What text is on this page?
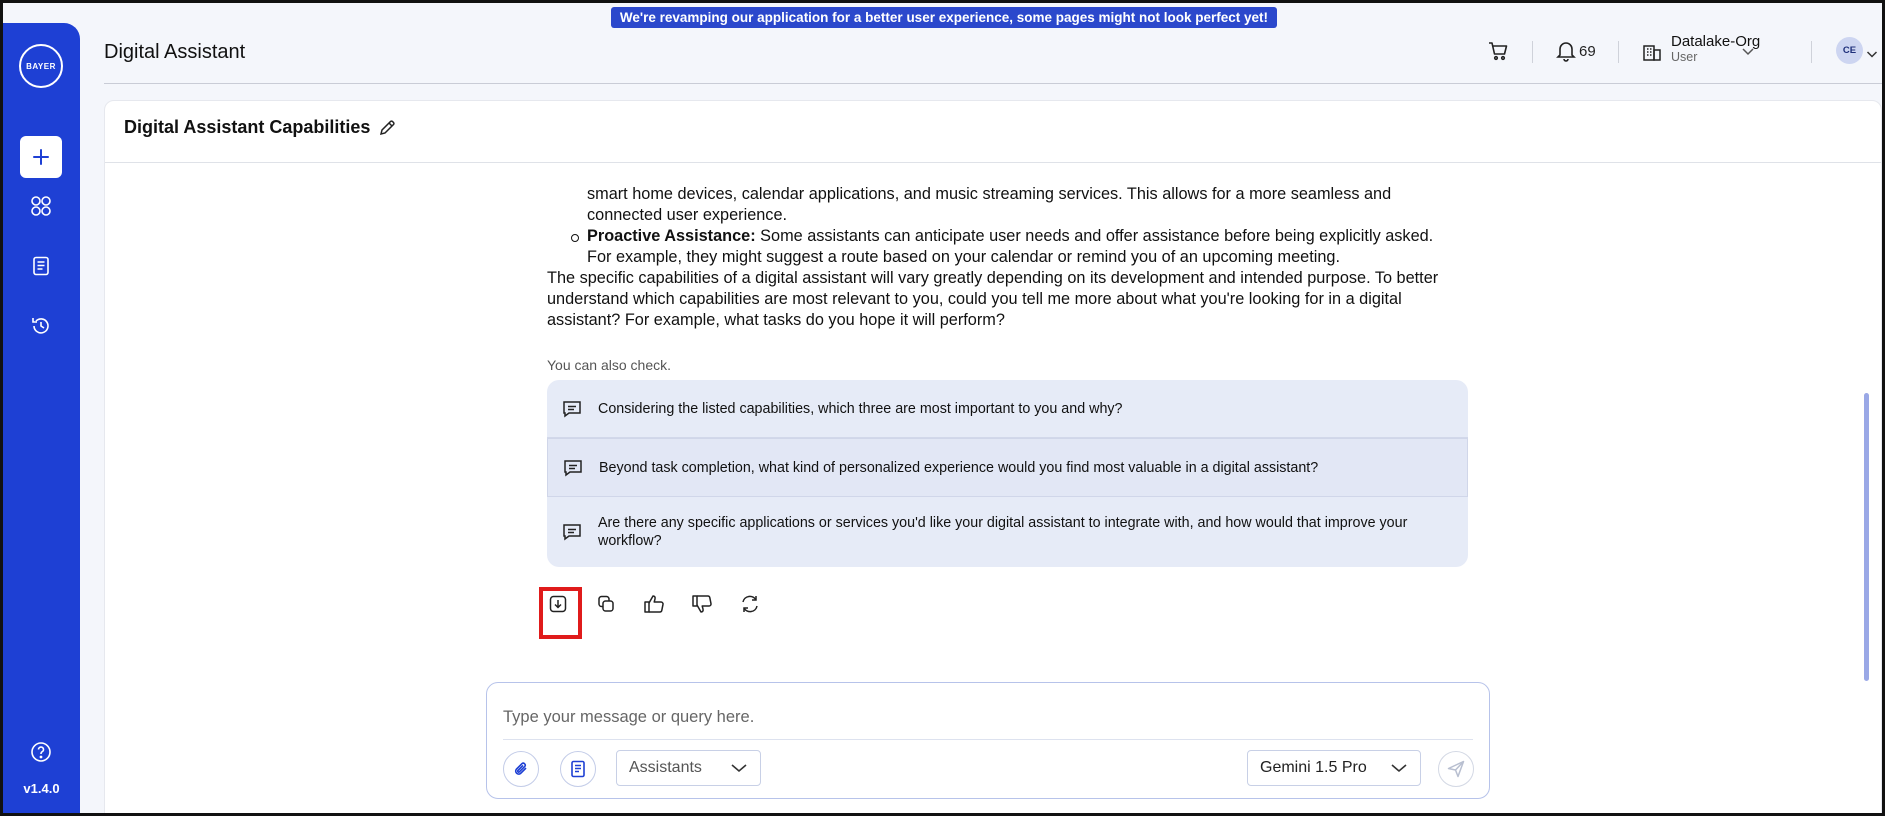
We're revamping our application for a better user experience, some pages might not look perfect yet!
BAYER
v1.4.0
Digital Assistant	69
Datalake-Org
User	CE
Digital Assistant Capabilities
smart home devices, calendar applications, and music streaming services. This allows for a more seamless and
connected user experience.
Proactive Assistance: Some assistants can anticipate user needs and offer assistance before being explicitly asked.
For example, they might suggest a route based on your calendar or remind you of an upcoming meeting.
The specific capabilities of a digital assistant will vary greatly depending on its development and intended purpose. To better understand which capabilities are most relevant to you, could you tell me more about what you're looking for in a digital assistant? For example, what tasks do you hope it will perform?
You can also check.
Considering the listed capabilities, which three are most important to you and why?
Beyond task completion, what kind of personalized experience would you find most valuable in a digital assistant?
Are there any specific applications or services you'd like your digital assistant to integrate with, and how would that improve your workflow?
Type your message or query here.
Assistants	Gemini 1.5 Pro
